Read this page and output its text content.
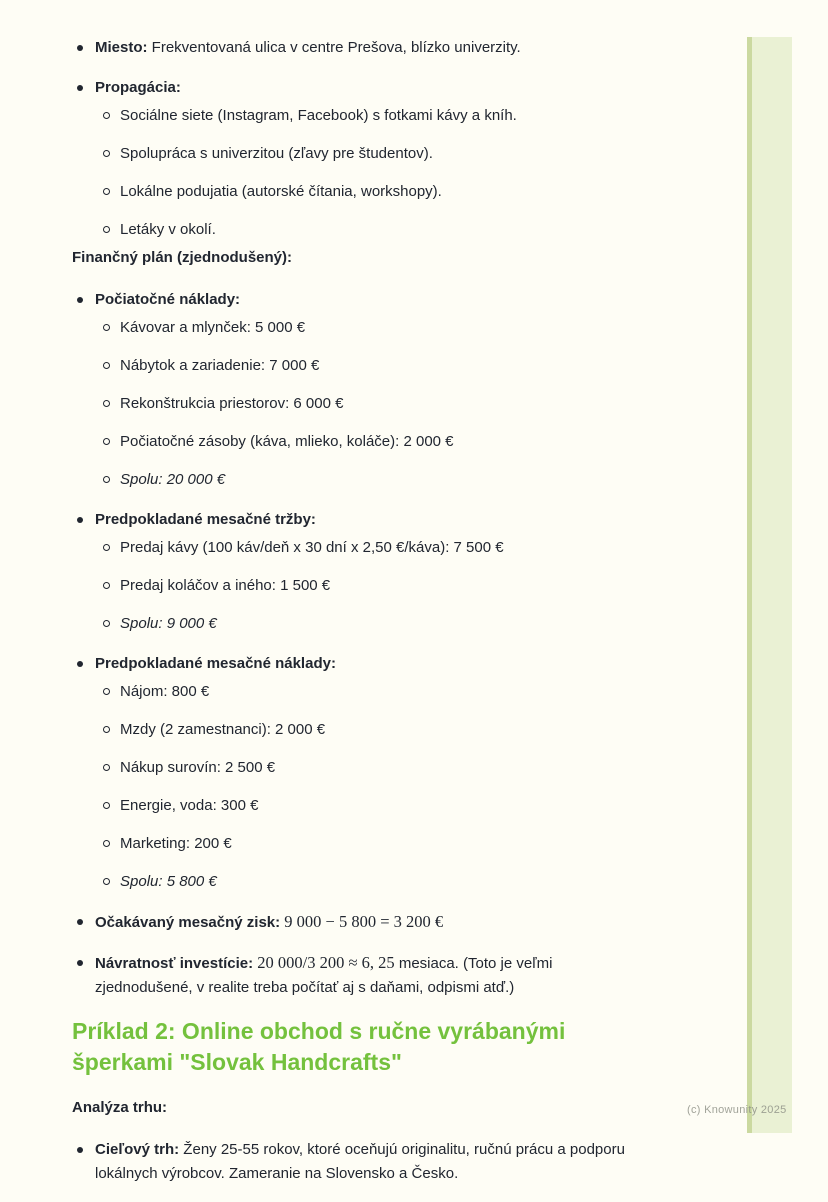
Miesto: Frekventovaná ulica v centre Prešova, blízko univerzity.
Propagácia:
Sociálne siete (Instagram, Facebook) s fotkami kávy a kníh.
Spolupráca s univerzitou (zľavy pre študentov).
Lokálne podujatia (autorské čítania, workshopy).
Letáky v okolí.

Finančný plán (zjednodušený):

Počiatočné náklady:
Kávovar a mlynček: 5 000 €
Nábytok a zariadenie: 7 000 €
Rekonštrukcia priestorov: 6 000 €
Počiatočné zásoby (káva, mlieko, koláče): 2 000 €
Spolu: 20 000 €
Predpokladané mesačné tržby:
Predaj kávy (100 káv/deň x 30 dní x 2,50 €/káva): 7 500 €
Predaj koláčov a iného: 1 500 €
Spolu: 9 000 €
Predpokladané mesačné náklady:
Nájom: 800 €
Mzdy (2 zamestnanci): 2 000 €
Nákup surovín: 2 500 €
Energie, voda: 300 €
Marketing: 200 €
Spolu: 5 800 €
Očakávaný mesačný zisk: 9 000 − 5 800 = 3 200 €
Návratnosť investície: 20 000/3 200 ≈ 6, 25 mesiaca. (Toto je veľmi zjednodušené, v realite treba počítať aj s daňami, odpismi atď.)
Príklad 2: Online obchod s ručne vyrábanými šperkami "Slovak Handcrafts"

Analýza trhu:

Cieľový trh: Ženy 25-55 rokov, ktoré oceňujú originalitu, ručnú prácu a podporu lokálnych výrobcov. Zameranie na Slovensko a Česko.
(c) Knowunity 2025
